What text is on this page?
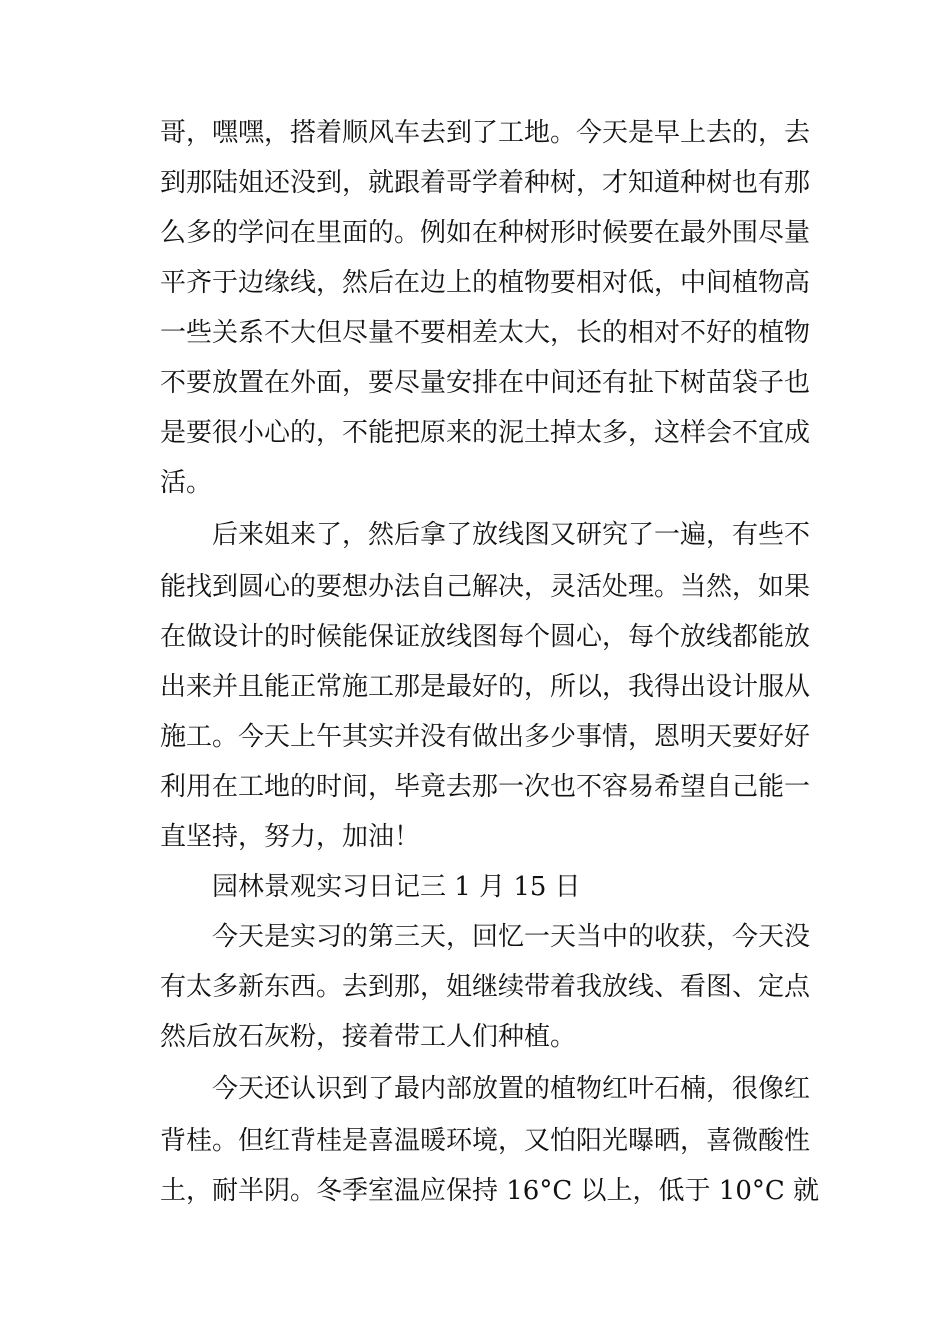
哥，嘿嘿，搭着顺风车去到了工地。今天是早上去的，去
到那陆姐还没到，就跟着哥学着种树，才知道种树也有那
么多的学问在里面的。例如在种树形时候要在最外围尽量
平齐于边缘线，然后在边上的植物要相对低，中间植物高
一些关系不大但尽量不要相差太大，长的相对不好的植物
不要放置在外面，要尽量安排在中间还有扯下树苗袋子也
是要很小心的，不能把原来的泥土掉太多，这样会不宜成
活。
后来姐来了，然后拿了放线图又研究了一遍，有些不
能找到圆心的要想办法自己解决，灵活处理。当然，如果
在做设计的时候能保证放线图每个圆心，每个放线都能放
出来并且能正常施工那是最好的，所以，我得出设计服从
施工。今天上午其实并没有做出多少事情，恩明天要好好
利用在工地的时间，毕竟去那一次也不容易希望自己能一
直坚持，努力，加油！
园林景观实习日记三 1 月 15 日
今天是实习的第三天，回忆一天当中的收获，今天没
有太多新东西。去到那，姐继续带着我放线、看图、定点
然后放石灰粉，接着带工人们种植。
今天还认识到了最内部放置的植物红叶石楠，很像红
背桂。但红背桂是喜温暖环境，又怕阳光曝晒，喜微酸性
土，耐半阴。冬季室温应保持 16°C 以上，低于 10°C 就
